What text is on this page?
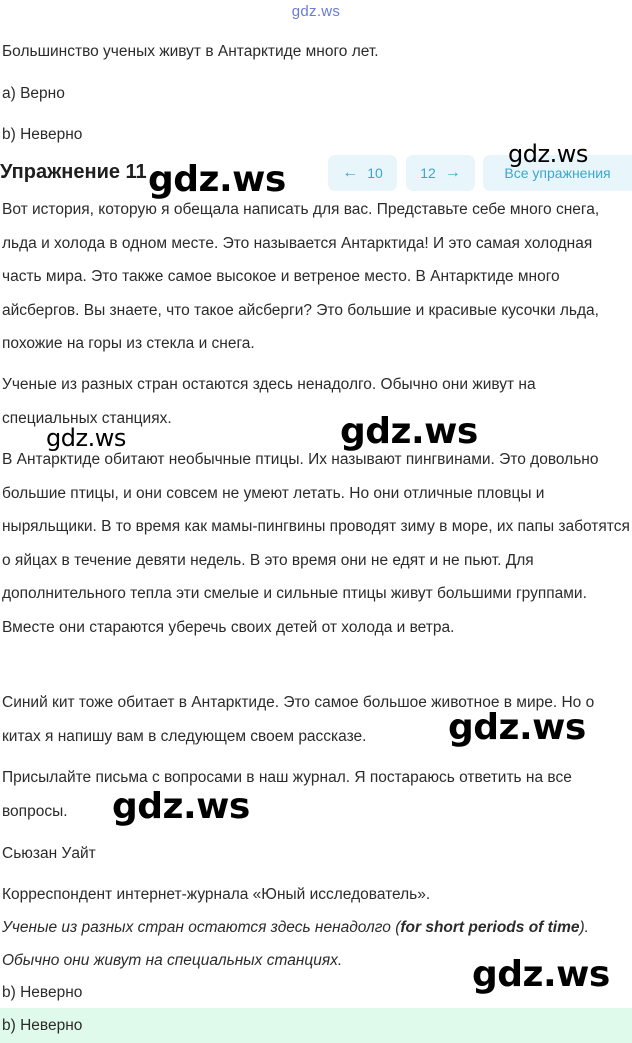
gdz.ws
Большинство ученых живут в Антарктиде много лет.
a) Верно
b) Неверно
Упражнение 11	← 10	12 →	Все упражнения

Вот история, которую я обещала написать для вас. Представьте себе много снега, льда и холода в одном месте. Это называется Антарктида! И это самая холодная часть мира. Это также самое высокое и ветреное место. В Антарктиде много айсбергов. Вы знаете, что такое айсберги? Это большие и красивые кусочки льда, похожие на горы из стекла и снега.

Ученые из разных стран остаются здесь ненадолго. Обычно они живут на специальных станциях.

В Антарктиде обитают необычные птицы. Их называют пингвинами. Это довольно большие птицы, и они совсем не умеют летать. Но они отличные пловцы и ныряльщики. В то время как мамы-пингвины проводят зиму в море, их папы заботятся о яйцах в течение девяти недель. В это время они не едят и не пьют. Для дополнительного тепла эти смелые и сильные птицы живут большими группами. Вместе они стараются уберечь своих детей от холода и ветра.

Синий кит тоже обитает в Антарктиде. Это самое большое животное в мире. Но о китах я напишу вам в следующем своем рассказе.

Присылайте письма с вопросами в наш журнал. Я постараюсь ответить на все вопросы.

Сьюзан Уайт
Корреспондент интернет-журнала «Юный исследователь».
Ученые из разных стран остаются здесь ненадолго (for short periods of time).
Обычно они живут на специальных станциях.
b) Неверно
b) Неверно
gdz.ws
gdz.ws
gdz.ws	gdz.ws
gdz.ws
gdz.ws
gdz.ws
